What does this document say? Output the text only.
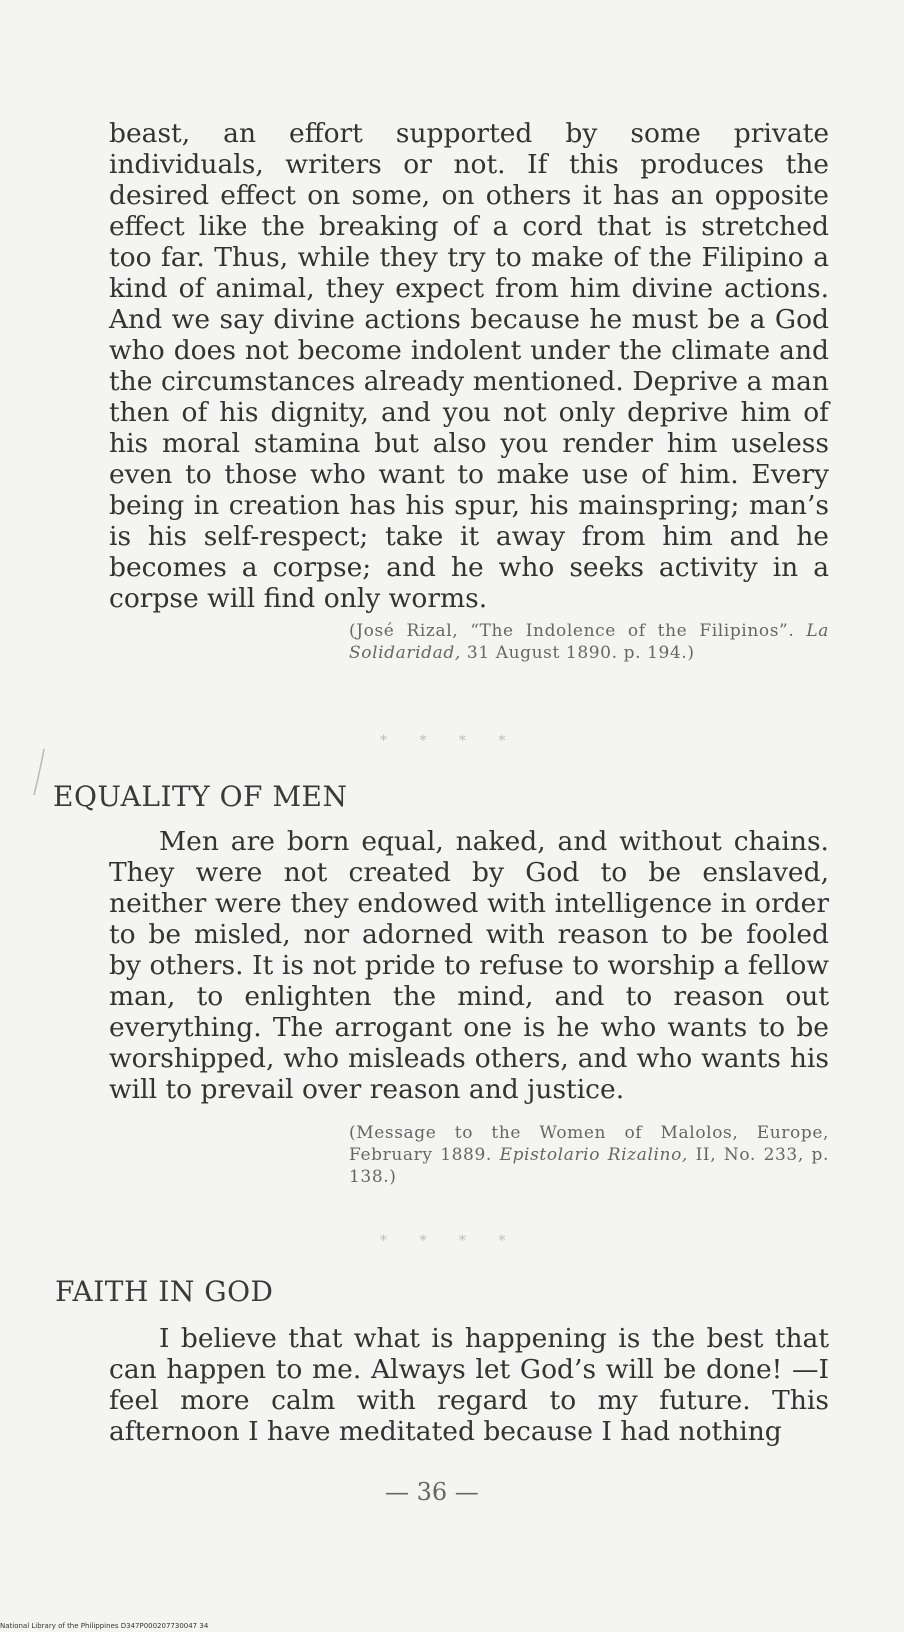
beast, an effort supported by some private individuals, writers or not. If this produces the desired effect on some, on others it has an opposite effect like the breaking of a cord that is stretched too far. Thus, while they try to make of the Filipino a kind of animal, they expect from him divine actions. And we say divine actions because he must be a God who does not become indolent under the climate and the circumstances already mentioned. Deprive a man then of his dignity, and you not only deprive him of his moral stamina but also you render him useless even to those who want to make use of him. Every being in creation has his spur, his mainspring; man’s is his self-respect; take it away from him and he becomes a corpse; and he who seeks activity in a corpse will find only worms.
(José Rizal, “The Indolence of the Filipinos”. La Solidaridad, 31 August 1890. p. 194.)
* * * *
EQUALITY OF MEN
Men are born equal, naked, and without chains. They were not created by God to be enslaved, neither were they endowed with intelligence in order to be misled, nor adorned with reason to be fooled by others. It is not pride to refuse to worship a fellow man, to enlighten the mind, and to reason out everything. The arrogant one is he who wants to be worshipped, who misleads others, and who wants his will to prevail over reason and justice.
(Message to the Women of Malolos, Europe, February 1889. Epistolario Rizalino, II, No. 233, p. 138.)
* * * *
FAITH IN GOD
I believe that what is happening is the best that can happen to me. Always let God’s will be done! —I feel more calm with regard to my future. This afternoon I have meditated because I had nothing
— 36 —
National Library of the Philippines D347P000207730047 34
